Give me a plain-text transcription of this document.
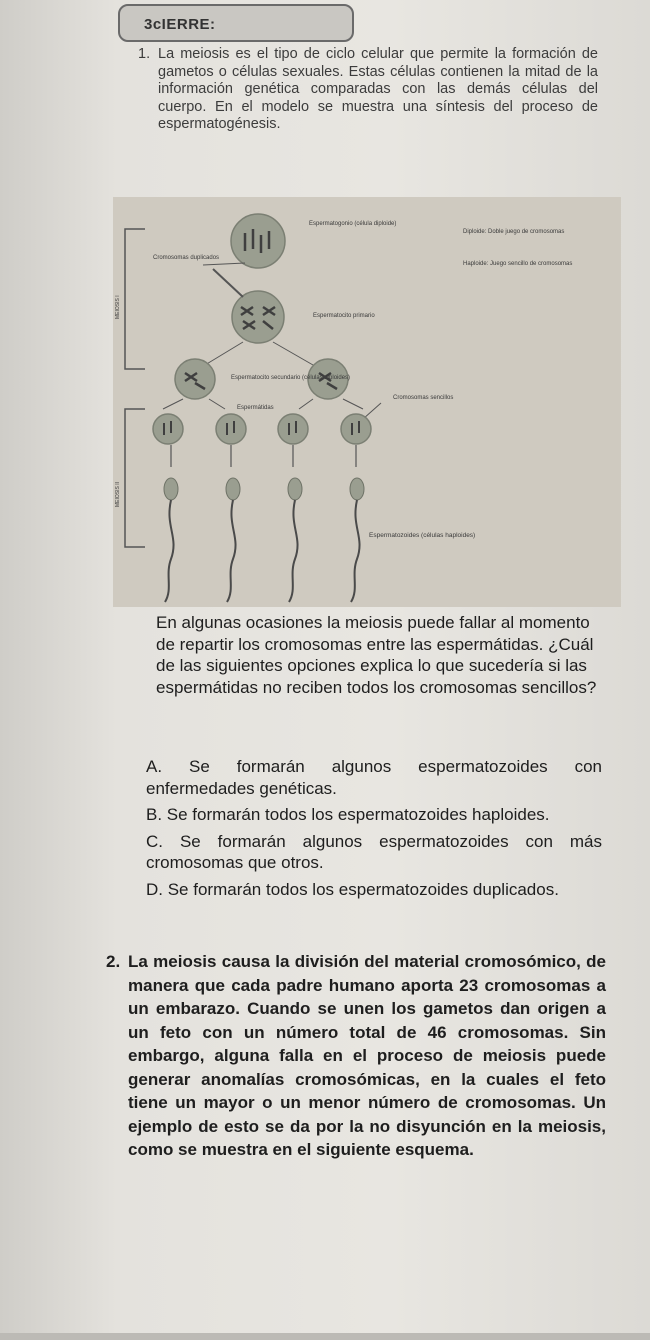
3cIERRE:
1. La meiosis es el tipo de ciclo celular que permite la formación de gametos o células sexuales. Estas células contienen la mitad de la información genética comparadas con las demás células del cuerpo. En el modelo se muestra una síntesis del proceso de espermatogénesis.
MEIOSIS I
MEIOSIS II
Espermatogonio (célula diploide)
Cromosomas duplicados
Espermatocito primario
Espermatocito secundario (células diploides)
Espermátidas
Cromosomas sencillos
Espermatozoides (células haploides)
Diploide: Doble juego de cromosomas
Haploide: Juego sencillo de cromosomas
En algunas ocasiones la meiosis puede fallar al momento de repartir los cromosomas entre las espermátidas. ¿Cuál de las siguientes opciones explica lo que sucedería si las espermátidas no reciben todos los cromosomas sencillos?
A. Se formarán algunos espermatozoides con enfermedades genéticas.
B. Se formarán todos los espermatozoides haploides.
C. Se formarán algunos espermatozoides con más cromosomas que otros.
D. Se formarán todos los espermatozoides duplicados.
2. La meiosis causa la división del material cromosómico, de manera que cada padre humano aporta 23 cromosomas a un embarazo. Cuando se unen los gametos dan origen a un feto con un número total de 46 cromosomas. Sin embargo, alguna falla en el proceso de meiosis puede generar anomalías cromosómicas, en la cuales el feto tiene un mayor o un menor número de cromosomas. Un ejemplo de esto se da por la no disyunción en la meiosis, como se muestra en el siguiente esquema.
